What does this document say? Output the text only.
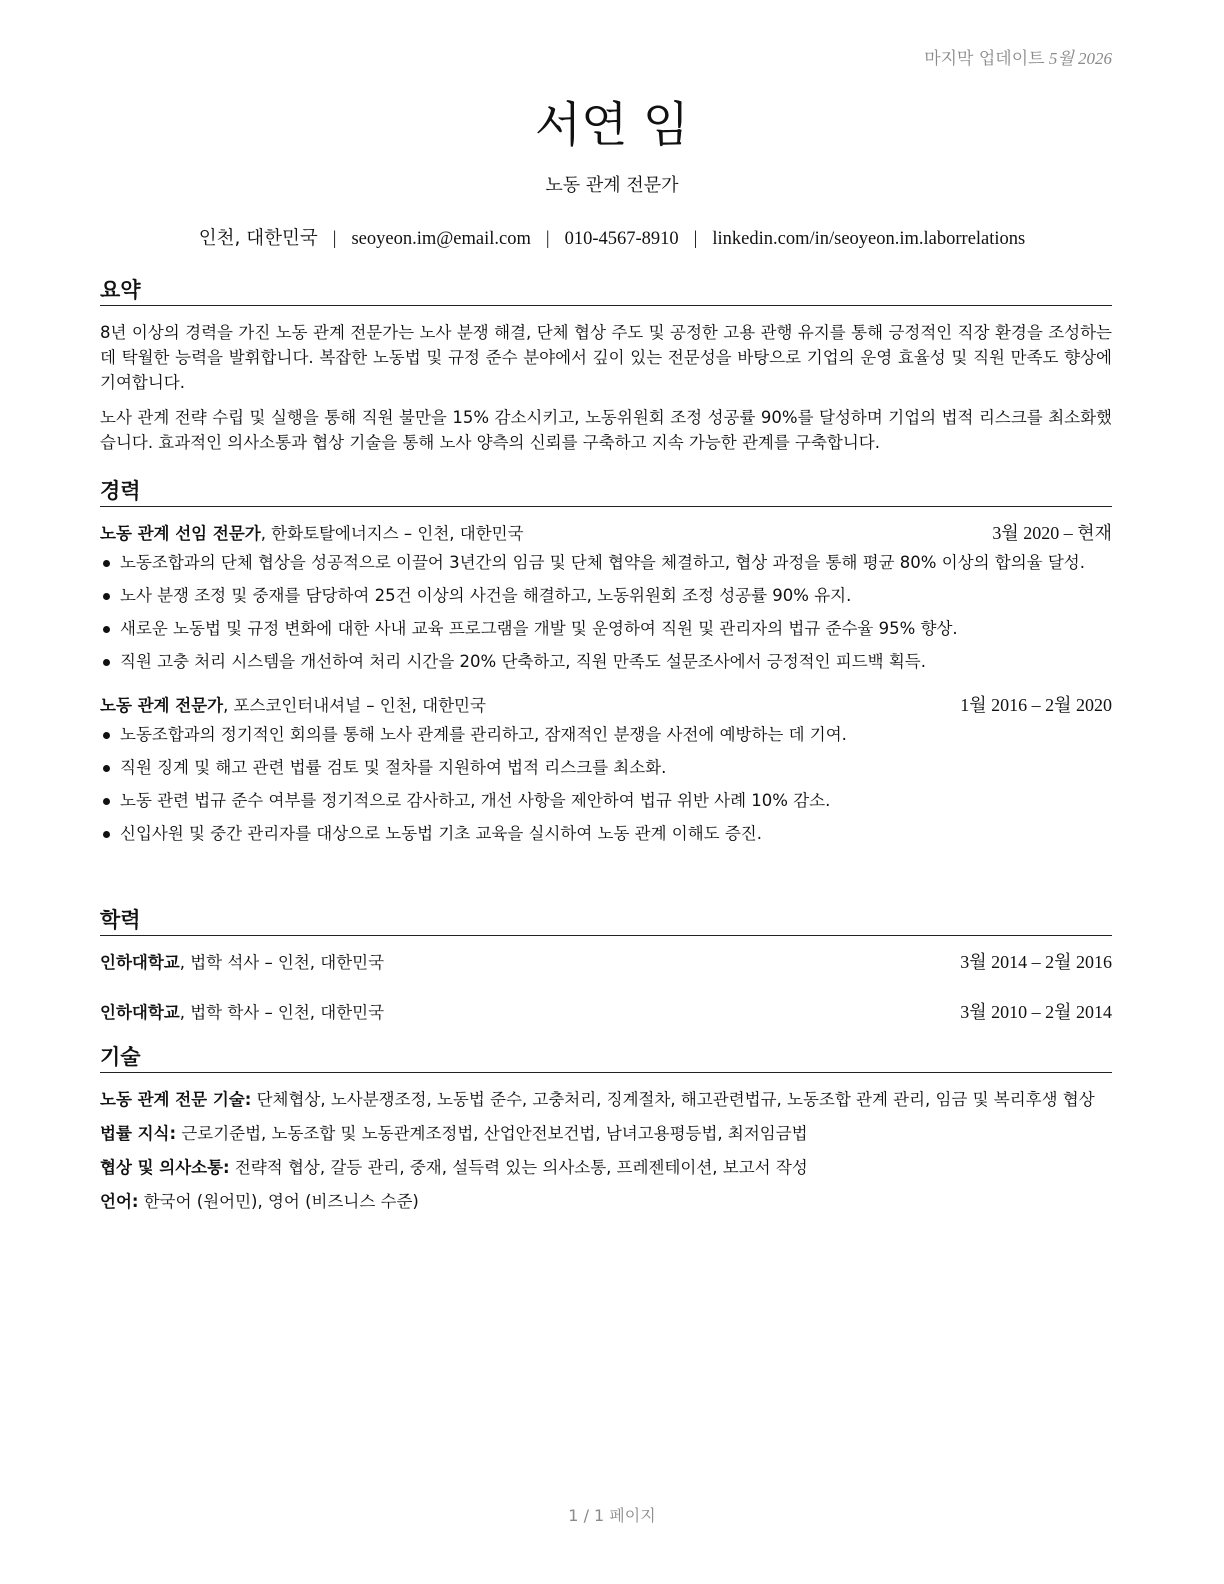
마지막 업데이트 5월 2026
서연 임
노동 관계 전문가
인천, 대한민국 | seoyeon.im@email.com | 010-4567-8910 | linkedin.com/in/seoyeon.im.laborrelations
요약

8년 이상의 경력을 가진 노동 관계 전문가는 노사 분쟁 해결, 단체 협상 주도 및 공정한 고용 관행 유지를 통해 긍정적인 직장 환경을 조성하는 데 탁월한 능력을 발휘합니다. 복잡한 노동법 및 규정 준수 분야에서 깊이 있는 전문성을 바탕으로 기업의 운영 효율성 및 직원 만족도 향상에 기여합니다.

노사 관계 전략 수립 및 실행을 통해 직원 불만을 15% 감소시키고, 노동위원회 조정 성공률 90%를 달성하며 기업의 법적 리스크를 최소화했습니다. 효과적인 의사소통과 협상 기술을 통해 노사 양측의 신뢰를 구축하고 지속 가능한 관계를 구축합니다.

경력
노동 관계 선임 전문가, 한화토탈에너지스 – 인천, 대한민국	3월 2020 – 현재
노동조합과의 단체 협상을 성공적으로 이끌어 3년간의 임금 및 단체 협약을 체결하고, 협상 과정을 통해 평균 80% 이상의 합의율 달성.
노사 분쟁 조정 및 중재를 담당하여 25건 이상의 사건을 해결하고, 노동위원회 조정 성공률 90% 유지.
새로운 노동법 및 규정 변화에 대한 사내 교육 프로그램을 개발 및 운영하여 직원 및 관리자의 법규 준수율 95% 향상.
직원 고충 처리 시스템을 개선하여 처리 시간을 20% 단축하고, 직원 만족도 설문조사에서 긍정적인 피드백 획득.
노동 관계 전문가, 포스코인터내셔널 – 인천, 대한민국	1월 2016 – 2월 2020
노동조합과의 정기적인 회의를 통해 노사 관계를 관리하고, 잠재적인 분쟁을 사전에 예방하는 데 기여.
직원 징계 및 해고 관련 법률 검토 및 절차를 지원하여 법적 리스크를 최소화.
노동 관련 법규 준수 여부를 정기적으로 감사하고, 개선 사항을 제안하여 법규 위반 사례 10% 감소.
신입사원 및 중간 관리자를 대상으로 노동법 기초 교육을 실시하여 노동 관계 이해도 증진.
학력
인하대학교, 법학 석사 – 인천, 대한민국	3월 2014 – 2월 2016
인하대학교, 법학 학사 – 인천, 대한민국	3월 2010 – 2월 2014
기술
노동 관계 전문 기술: 단체협상, 노사분쟁조정, 노동법 준수, 고충처리, 징계절차, 해고관련법규, 노동조합 관계 관리, 임금 및 복리후생 협상
법률 지식: 근로기준법, 노동조합 및 노동관계조정법, 산업안전보건법, 남녀고용평등법, 최저임금법
협상 및 의사소통: 전략적 협상, 갈등 관리, 중재, 설득력 있는 의사소통, 프레젠테이션, 보고서 작성
언어: 한국어 (원어민), 영어 (비즈니스 수준)
1 / 1 페이지
